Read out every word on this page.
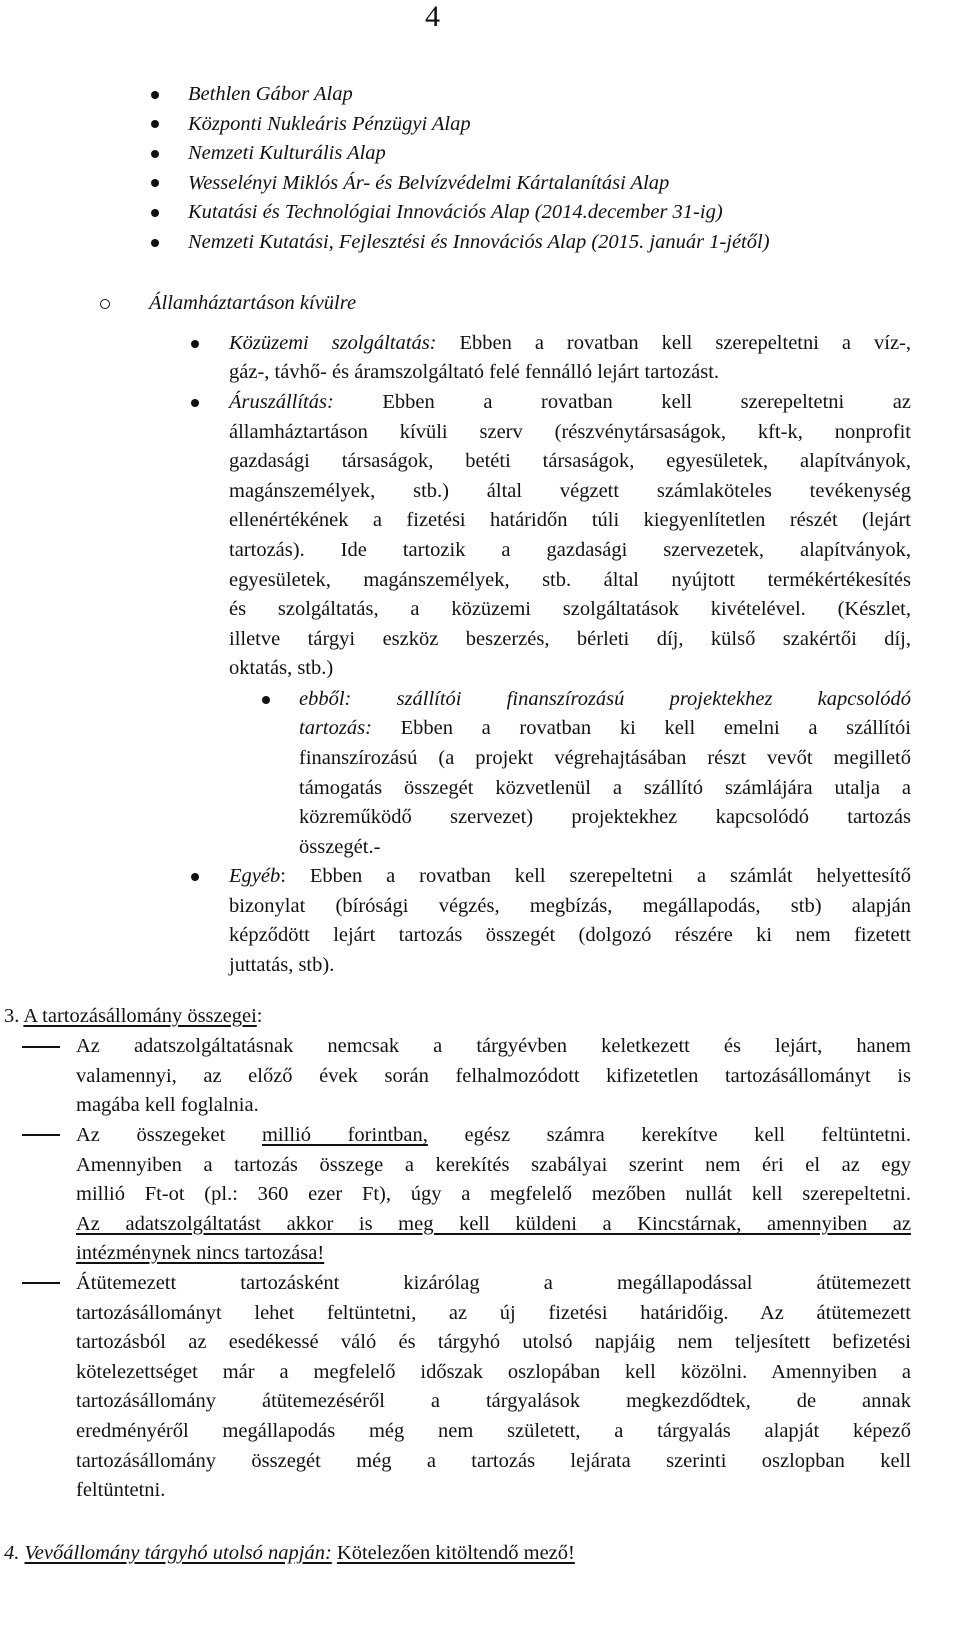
4
Bethlen Gábor Alap
Központi Nukleáris Pénzügyi Alap
Nemzeti Kulturális Alap
Wesselényi Miklós Ár- és Belvízvédelmi Kártalanítási Alap
Kutatási és Technológiai Innovációs Alap (2014.december 31-ig)
Nemzeti Kutatási, Fejlesztési és Innovációs Alap (2015. január 1-jétől)
Államháztartáson kívülre
Közüzemi szolgáltatás: Ebben a rovatban kell szerepeltetni a víz-,
gáz-, távhő- és áramszolgáltató felé fennálló lejárt tartozást.
Áruszállítás: Ebben a rovatban kell szerepeltetni az
államháztartáson kívüli szerv (részvénytársaságok, kft-k, nonprofit
gazdasági társaságok, betéti társaságok, egyesületek, alapítványok,
magánszemélyek, stb.) által végzett számlaköteles tevékenység
ellenértékének a fizetési határidőn túli kiegyenlítetlen részét (lejárt
tartozás). Ide tartozik a gazdasági szervezetek, alapítványok,
egyesületek, magánszemélyek, stb. által nyújtott termékértékesítés
és szolgáltatás, a közüzemi szolgáltatások kivételével. (Készlet,
illetve tárgyi eszköz beszerzés, bérleti díj, külső szakértői díj,
oktatás, stb.)
ebből: szállítói finanszírozású projektekhez kapcsolódó
tartozás: Ebben a rovatban ki kell emelni a szállítói
finanszírozású (a projekt végrehajtásában részt vevőt megillető
támogatás összegét közvetlenül a szállító számlájára utalja a
közreműködő szervezet) projektekhez kapcsolódó tartozás
összegét.-
Egyéb: Ebben a rovatban kell szerepeltetni a számlát helyettesítő
bizonylat (bírósági végzés, megbízás, megállapodás, stb) alapján
képződött lejárt tartozás összegét (dolgozó részére ki nem fizetett
juttatás, stb).
3. A tartozásállomány összegei:
Az adatszolgáltatásnak nemcsak a tárgyévben keletkezett és lejárt, hanem
valamennyi, az előző évek során felhalmozódott kifizetetlen tartozásállományt is
magába kell foglalnia.
Az összegeket millió forintban, egész számra kerekítve kell feltüntetni.
Amennyiben a tartozás összege a kerekítés szabályai szerint nem éri el az egy
millió Ft-ot (pl.: 360 ezer Ft), úgy a megfelelő mezőben nullát kell szerepeltetni.
Az adatszolgáltatást akkor is meg kell küldeni a Kincstárnak, amennyiben az
intézménynek nincs tartozása!
Átütemezett tartozásként kizárólag a megállapodással átütemezett
tartozásállományt lehet feltüntetni, az új fizetési határidőig. Az átütemezett
tartozásból az esedékessé váló és tárgyhó utolsó napjáig nem teljesített befizetési
kötelezettséget már a megfelelő időszak oszlopában kell közölni. Amennyiben a
tartozásállomány átütemezéséről a tárgyalások megkezdődtek, de annak
eredményéről megállapodás még nem született, a tárgyalás alapját képező
tartozásállomány összegét még a tartozás lejárata szerinti oszlopban kell
feltüntetni.
4. Vevőállomány tárgyhó utolsó napján: Kötelezően kitöltendő mező!
